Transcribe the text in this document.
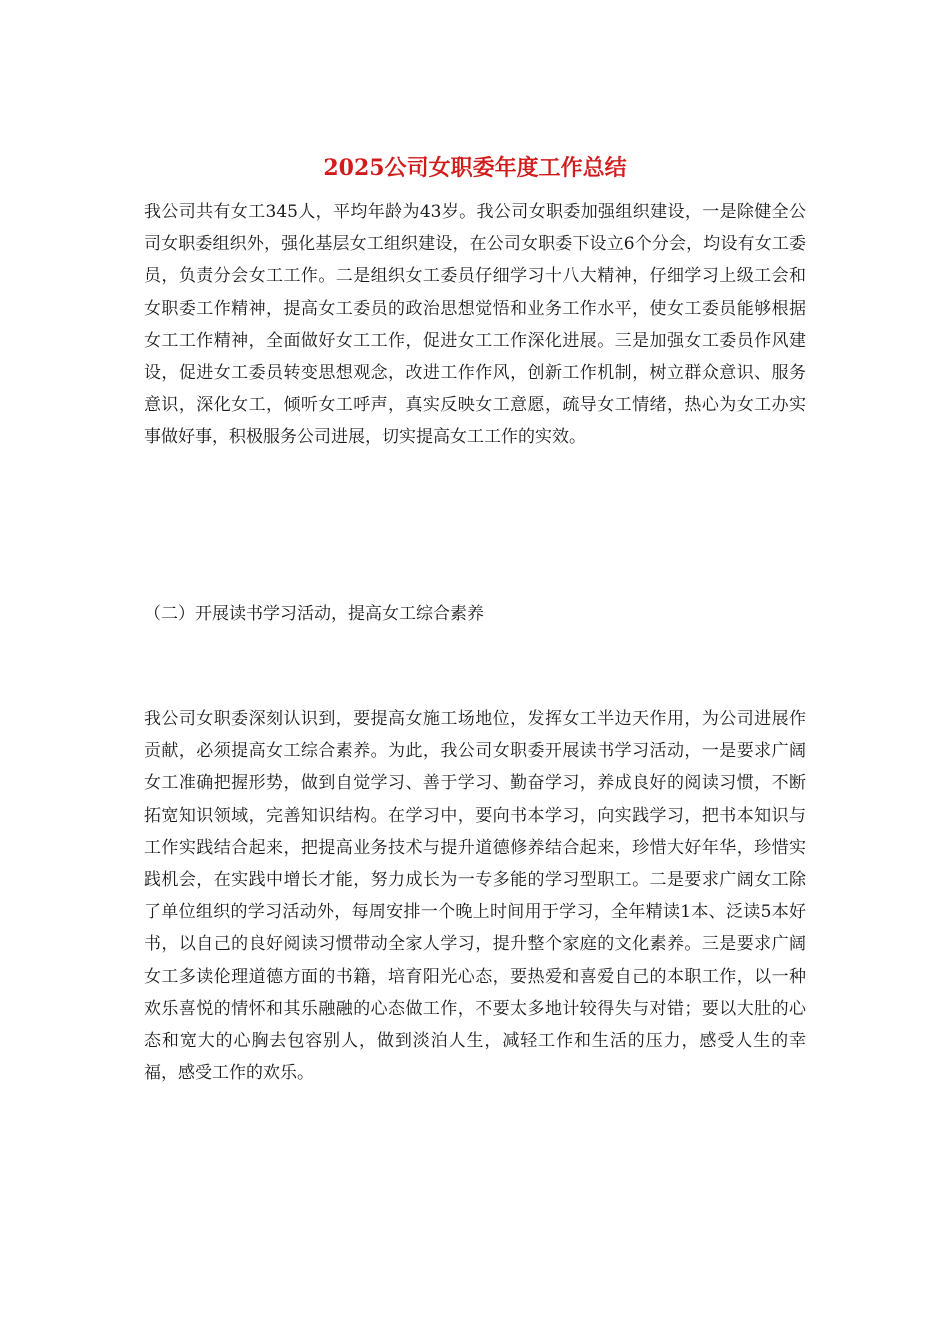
2025公司女职委年度工作总结

我公司共有女工345人，平均年龄为43岁。我公司女职委加强组织建设，一是除健全公司女职委组织外，强化基层女工组织建设，在公司女职委下设立6个分会，均设有女工委员，负责分会女工工作。二是组织女工委员仔细学习十八大精神，仔细学习上级工会和女职委工作精神，提高女工委员的政治思想觉悟和业务工作水平，使女工委员能够根据女工工作精神，全面做好女工工作，促进女工工作深化进展。三是加强女工委员作风建设，促进女工委员转变思想观念，改进工作作风，创新工作机制，树立群众意识、服务意识，深化女工，倾听女工呼声，真实反映女工意愿，疏导女工情绪，热心为女工办实事做好事，积极服务公司进展，切实提高女工工作的实效。

（二）开展读书学习活动，提高女工综合素养

我公司女职委深刻认识到，要提高女施工场地位，发挥女工半边天作用，为公司进展作贡献，必须提高女工综合素养。为此，我公司女职委开展读书学习活动，一是要求广阔女工准确把握形势，做到自觉学习、善于学习、勤奋学习，养成良好的阅读习惯，不断拓宽知识领域，完善知识结构。在学习中，要向书本学习，向实践学习，把书本知识与工作实践结合起来，把提高业务技术与提升道德修养结合起来，珍惜大好年华，珍惜实践机会，在实践中增长才能，努力成长为一专多能的学习型职工。二是要求广阔女工除了单位组织的学习活动外，每周安排一个晚上时间用于学习，全年精读1本、泛读5本好书，以自己的良好阅读习惯带动全家人学习，提升整个家庭的文化素养。三是要求广阔女工多读伦理道德方面的书籍，培育阳光心态，要热爱和喜爱自己的本职工作，以一种欢乐喜悦的情怀和其乐融融的心态做工作，不要太多地计较得失与对错；要以大肚的心态和宽大的心胸去包容别人，做到淡泊人生，减轻工作和生活的压力，感受人生的幸福，感受工作的欢乐。
